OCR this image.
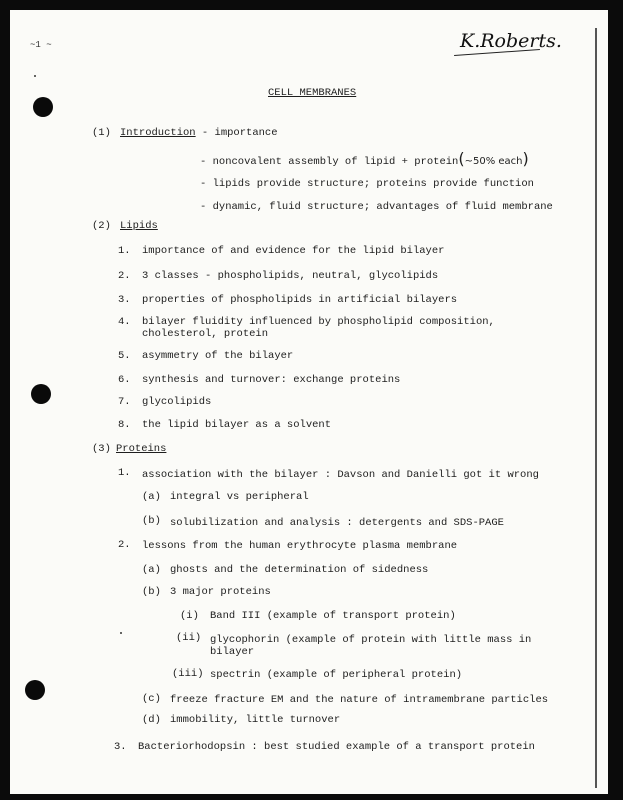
~1 ~	K.Roberts.
CELL MEMBRANES
(1) Introduction - importance
- noncovalent assembly of lipid + protein(~50% each)
- lipids provide structure; proteins provide function
- dynamic, fluid structure; advantages of fluid membrane
(2) Lipids
1. importance of and evidence for the lipid bilayer
2. 3 classes - phospholipids, neutral, glycolipids
3. properties of phospholipids in artificial bilayers
4. bilayer fluidity influenced by phospholipid composition,
cholesterol, protein
5. asymmetry of the bilayer
6. synthesis and turnover: exchange proteins
7. glycolipids
8. the lipid bilayer as a solvent
(3) Proteins
1. association with the bilayer : Davson and Danielli got it wrong
(a) integral vs peripheral
(b) solubilization and analysis : detergents and SDS-PAGE
2. lessons from the human erythrocyte plasma membrane
(a) ghosts and the determination of sidedness
(b) 3 major proteins
(i) Band III (example of transport protein)
(ii) glycophorin (example of protein with little mass in
bilayer
(iii) spectrin (example of peripheral protein)
(c) freeze fracture EM and the nature of intramembrane particles
(d) immobility, little turnover
3. Bacteriorhodopsin : best studied example of a transport protein
